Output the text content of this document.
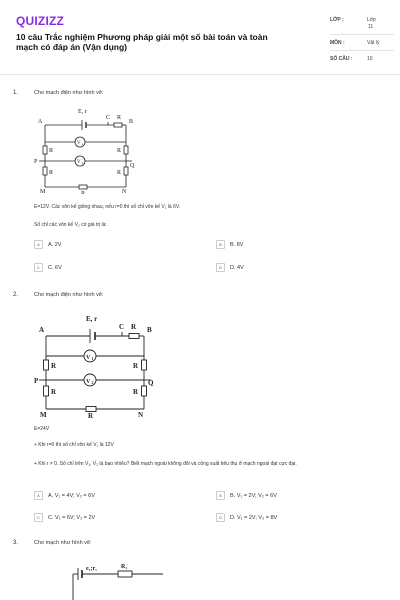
QUIZIZZ
10 câu Trắc nghiệm Phương pháp giải một số bài toán và toàn mạch có đáp án (Vận dụng)
LỚP :	Lớp
11
MÔN :	Vật lý
SỐ CÂU :	10
1.	Cho mạch điện như hình vẽ:
E, r
A	B
C R
R
R
R
R
R
P
Q
M	N
V 1
V 2
E=12V. Các vôn kế giống nhau, nếu r=0 thì số chỉ vôn kế V₁ là 6V.
Số chỉ các vôn kế V₂ có giá trị là:
A A. 2V	B B. 8V
C C. 6V	D D. 4V
2.	Cho mạch điện như hình vẽ:
E, r
A	B
C R
R
R
R
R
R
P	Q
M	N
V 1
V 2
E=24V
+ Khi r=0 thì số chỉ vôn kế V₁ là 12V
+ Khi r ≠ 0. Số chỉ trên V₁, V₂ là bao nhiêu? Biết mạch ngoài không đổi và công suất tiêu thụ ở mạch ngoài đạt cực đại.
A A. V₁ = 4V; V₂ = 6V	B B. V₁ = 2V; V₂ = 6V
C C. V₁ = 6V; V₂ = 2V	D D. V₁ = 2V; V₂ = 8V
3.	Cho mạch như hình vẽ:
e₁;r₁	R₁
